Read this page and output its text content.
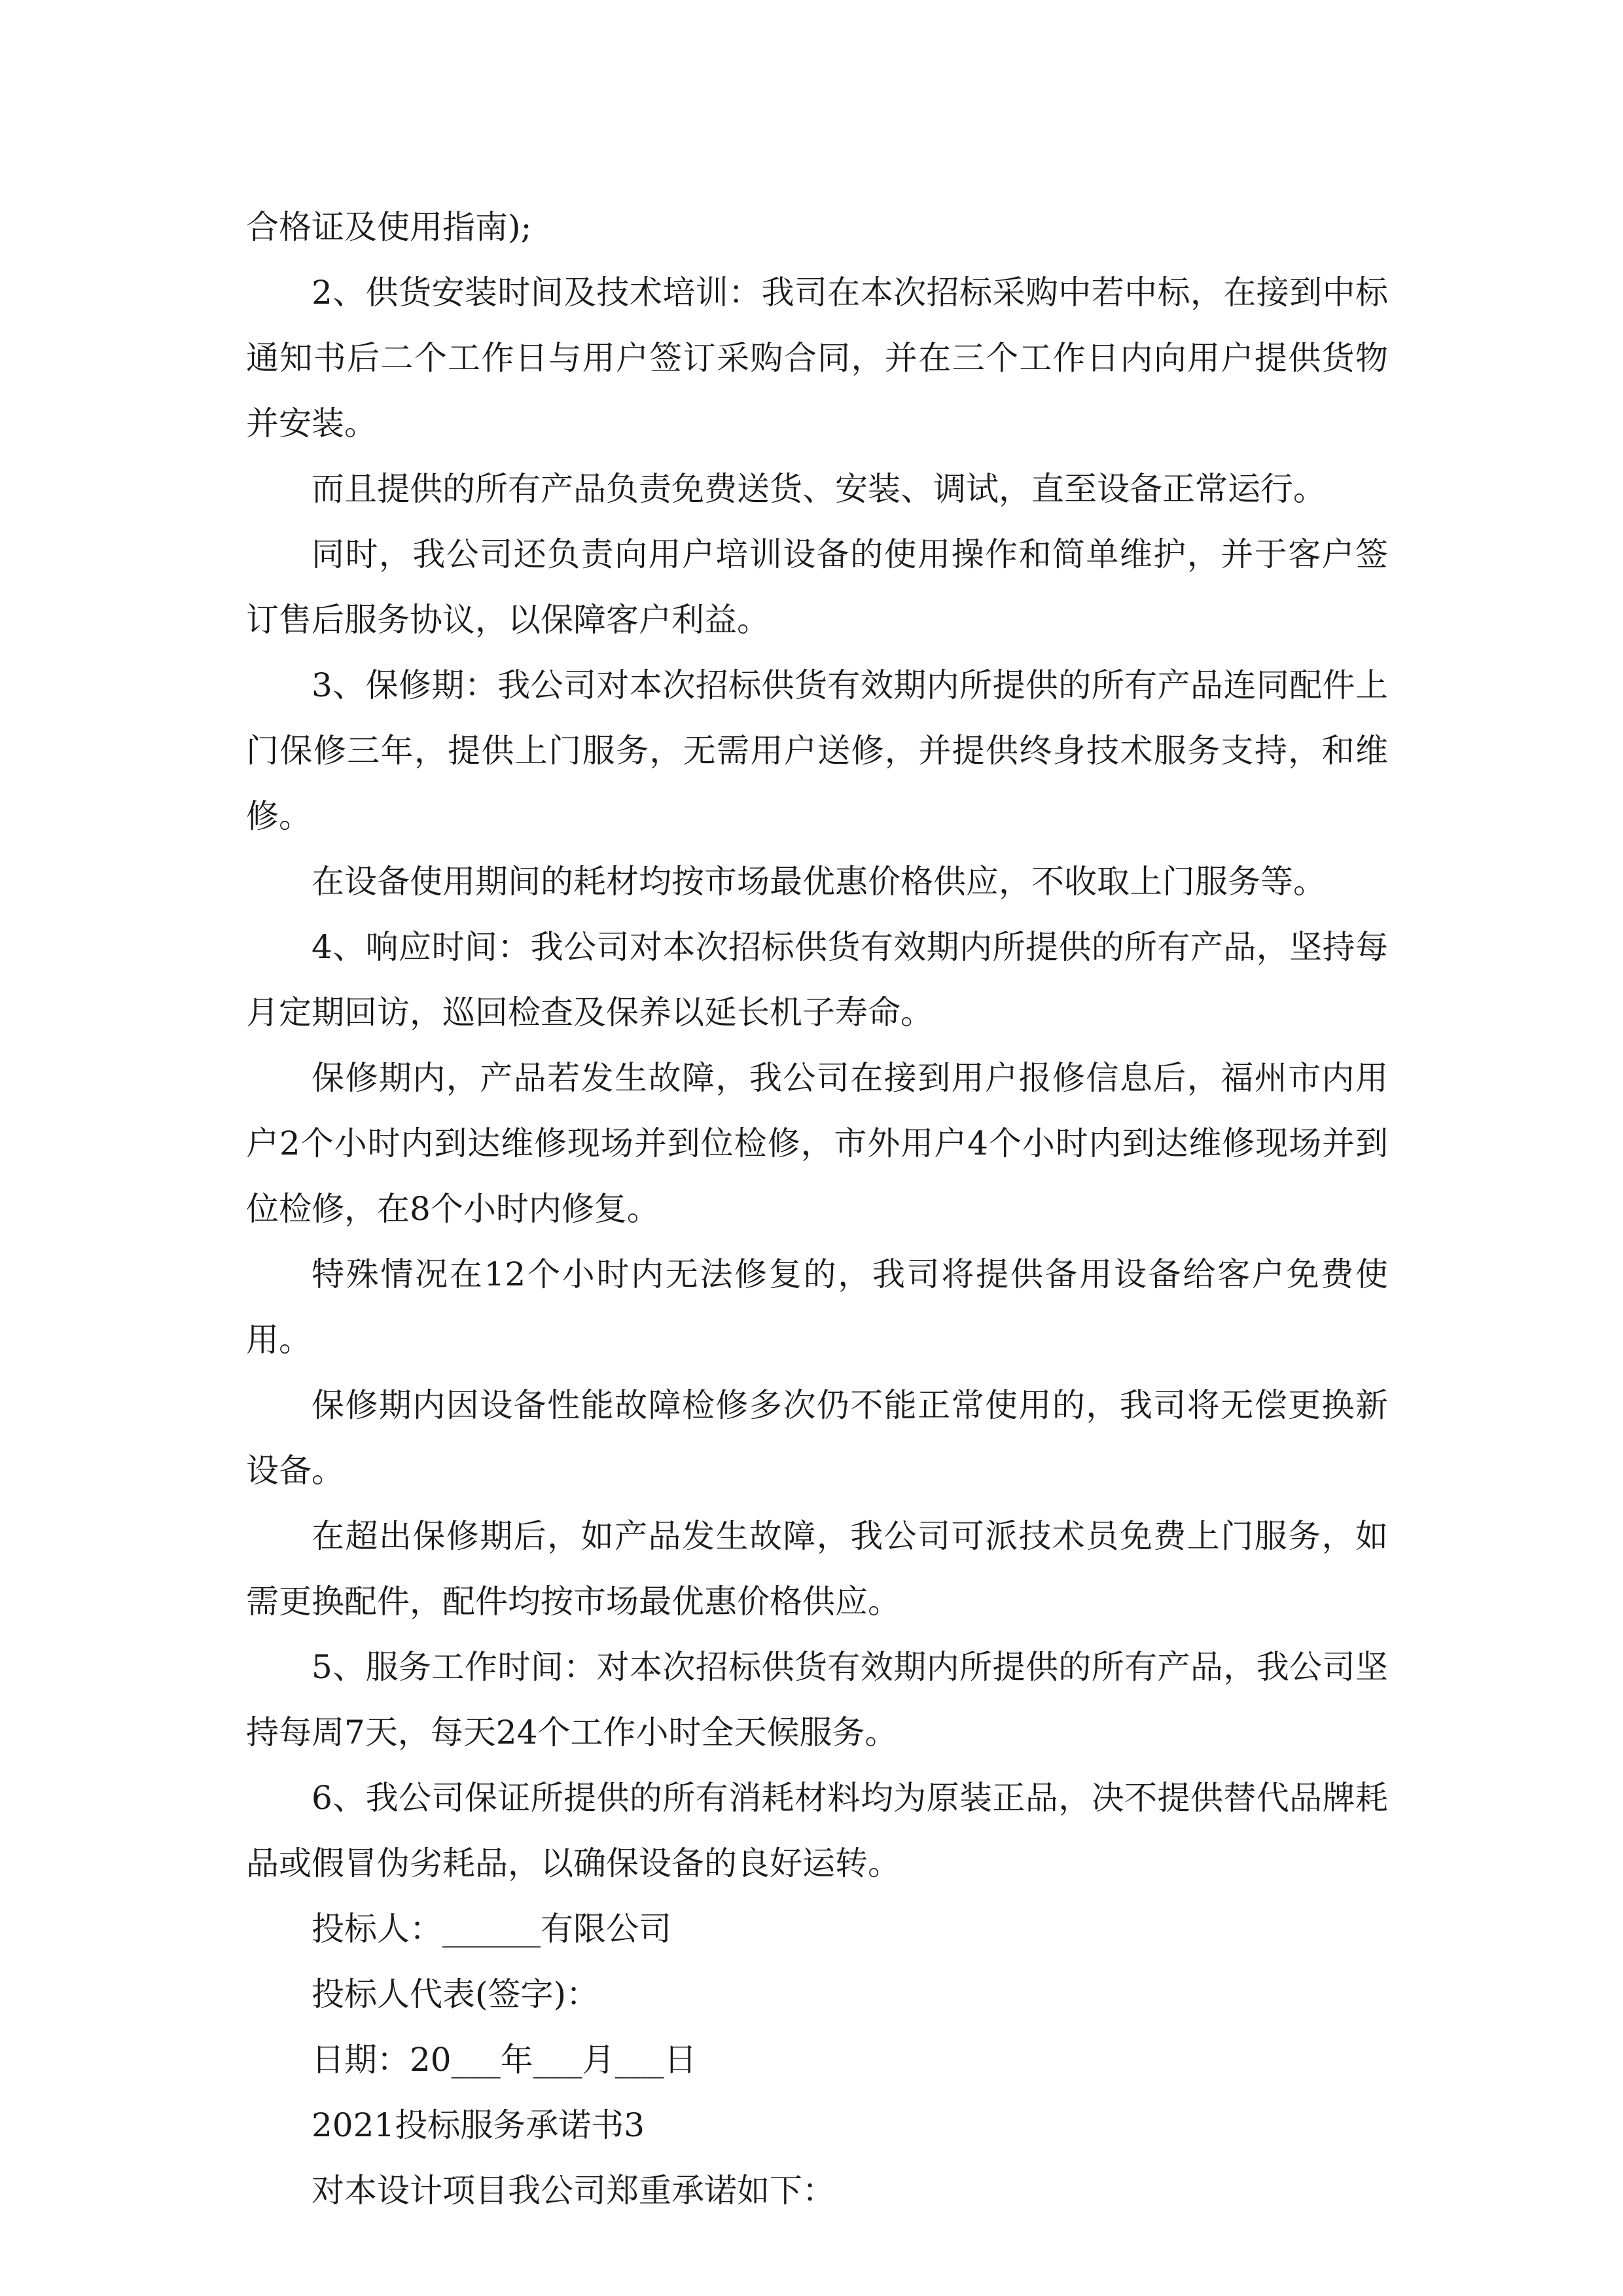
合格证及使用指南);

2、供货安装时间及技术培训：我司在本次招标采购中若中标，在接到中标通知书后二个工作日与用户签订采购合同，并在三个工作日内向用户提供货物并安装。

而且提供的所有产品负责免费送货、安装、调试，直至设备正常运行。

同时，我公司还负责向用户培训设备的使用操作和简单维护，并于客户签订售后服务协议，以保障客户利益。

3、保修期：我公司对本次招标供货有效期内所提供的所有产品连同配件上门保修三年，提供上门服务，无需用户送修，并提供终身技术服务支持，和维修。

在设备使用期间的耗材均按市场最优惠价格供应，不收取上门服务等。

4、响应时间：我公司对本次招标供货有效期内所提供的所有产品，坚持每月定期回访，巡回检查及保养以延长机子寿命。

保修期内，产品若发生故障，我公司在接到用户报修信息后，福州市内用户2个小时内到达维修现场并到位检修，市外用户4个小时内到达维修现场并到位检修，在8个小时内修复。

特殊情况在12个小时内无法修复的，我司将提供备用设备给客户免费使用。

保修期内因设备性能故障检修多次仍不能正常使用的，我司将无偿更换新设备。

在超出保修期后，如产品发生故障，我公司可派技术员免费上门服务，如需更换配件，配件均按市场最优惠价格供应。

5、服务工作时间：对本次招标供货有效期内所提供的所有产品，我公司坚持每周7天，每天24个工作小时全天候服务。

6、我公司保证所提供的所有消耗材料均为原装正品，决不提供替代品牌耗品或假冒伪劣耗品，以确保设备的良好运转。

投标人：______有限公司

投标人代表(签字)：

日期：20___年___月___日

2021投标服务承诺书3

对本设计项目我公司郑重承诺如下：
